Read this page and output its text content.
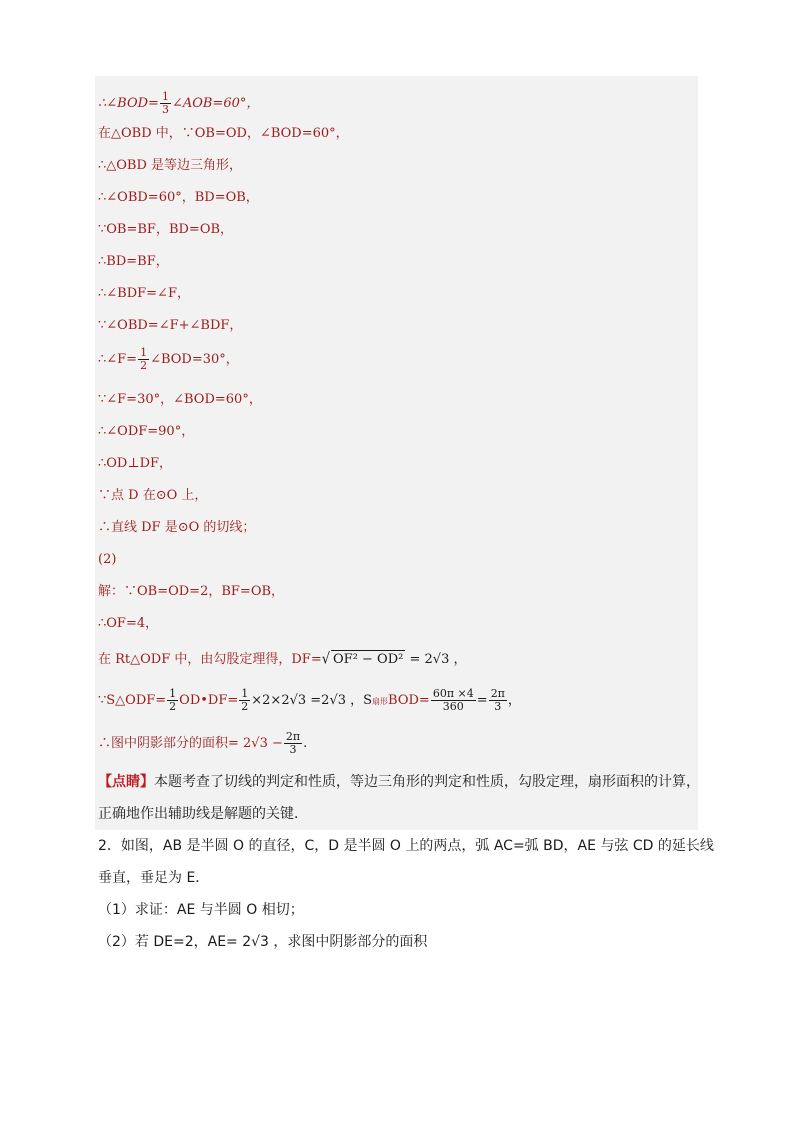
∴∠BOD= $\frac{1}{3}$ ∠AOB=60°，
在△OBD 中，∵OB=OD，∠BOD=60°，
∴△OBD 是等边三角形，
∴∠OBD=60°，BD=OB，
∵OB=BF，BD=OB，
∴BD=BF，
∴∠BDF=∠F，
∵∠OBD=∠F+∠BDF，
∴∠F= $\frac{1}{2}$ ∠BOD=30°，
∵∠F=30°，∠BOD=60°，
∴∠ODF=90°，
∴OD⊥DF，
∵点 D 在⊙O 上，
∴直线 DF 是⊙O 的切线；
(2)
解：∵OB=OD=2，BF=OB，
∴OF=4，
在 Rt△ODF 中，由勾股定理得，DF=√ OF² − OD² = 2√3 ，
∵S△ODF= $\frac{1}{2}$ OD•DF= $\frac{1}{2} \times 2\times 2√3 =2√3$ ，S扇形$BOD= \frac{60\pi \times 4}{360} = \frac{2\pi}{3}$ ，
∴图中阴影部分的面积= $2√3 - \frac{2\pi}{3}$ .
【点睛】本题考查了切线的判定和性质，等边三角形的判定和性质，勾股定理，扇形面积的计算，
正确地作出辅助线是解题的关键．
2．如图，AB 是半圆 O 的直径，C，D 是半圆 O 上的两点，弧 AC=弧 BD，AE 与弦 CD 的延长线
垂直，垂足为 E．
（1）求证：AE 与半圆 O 相切；
（2）若 DE=2，AE= 2√3 ，求图中阴影部分的面积
